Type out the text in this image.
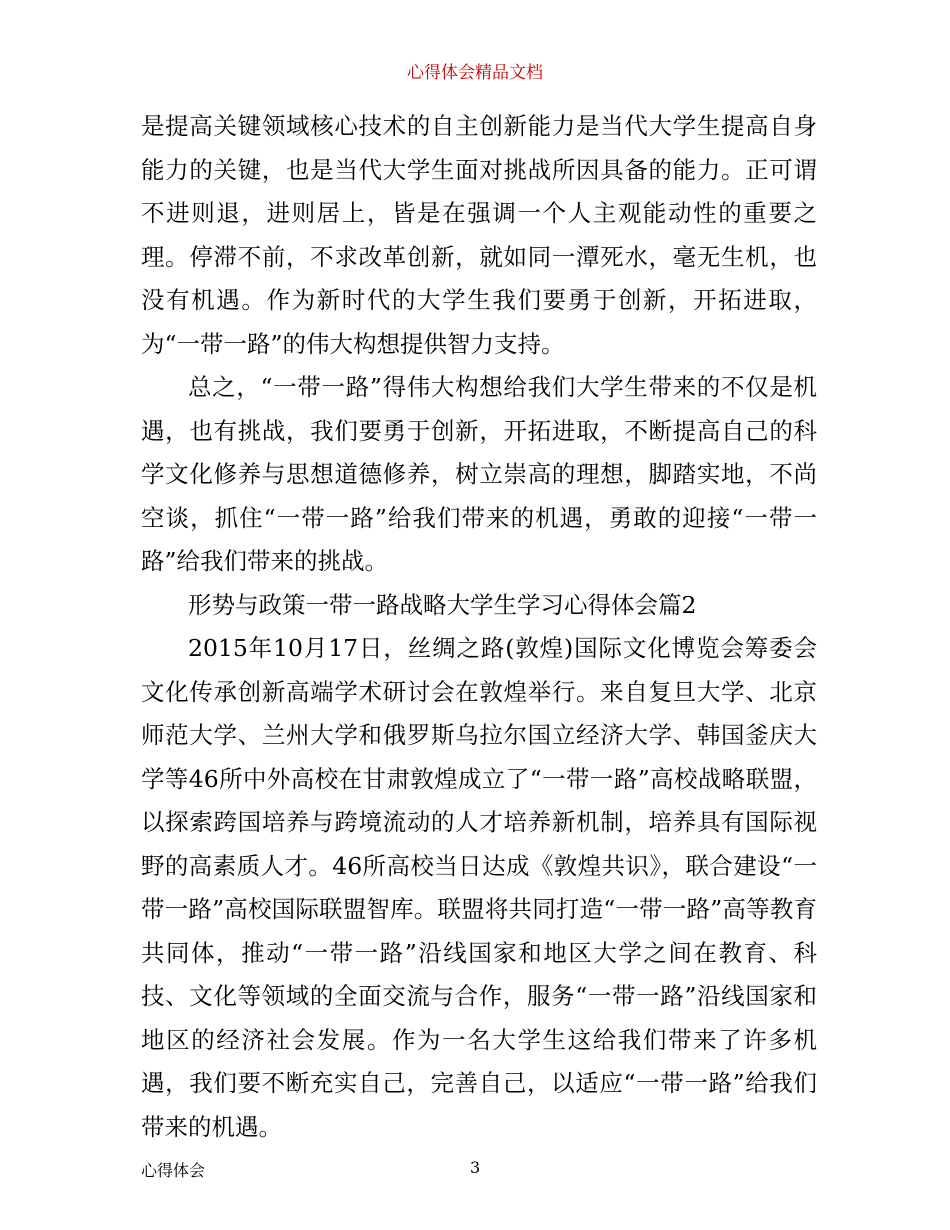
心得体会精品文档

是提高关键领域核心技术的自主创新能力是当代大学生提高自身能力的关键，也是当代大学生面对挑战所因具备的能力。正可谓不进则退，进则居上，皆是在强调一个人主观能动性的重要之理。停滞不前，不求改革创新，就如同一潭死水，毫无生机，也没有机遇。作为新时代的大学生我们要勇于创新，开拓进取，为“一带一路”的伟大构想提供智力支持。

总之，“一带一路”得伟大构想给我们大学生带来的不仅是机遇，也有挑战，我们要勇于创新，开拓进取，不断提高自己的科学文化修养与思想道德修养，树立崇高的理想，脚踏实地，不尚空谈，抓住“一带一路”给我们带来的机遇，勇敢的迎接“一带一路”给我们带来的挑战。

形势与政策一带一路战略大学生学习心得体会篇2

2015年10月17日，丝绸之路(敦煌)国际文化博览会筹委会文化传承创新高端学术研讨会在敦煌举行。来自复旦大学、北京师范大学、兰州大学和俄罗斯乌拉尔国立经济大学、韩国釜庆大学等46所中外高校在甘肃敦煌成立了“一带一路”高校战略联盟，以探索跨国培养与跨境流动的人才培养新机制，培养具有国际视野的高素质人才。46所高校当日达成《敦煌共识》，联合建设“一带一路”高校国际联盟智库。联盟将共同打造“一带一路”高等教育共同体，推动“一带一路”沿线国家和地区大学之间在教育、科技、文化等领域的全面交流与合作，服务“一带一路”沿线国家和地区的经济社会发展。作为一名大学生这给我们带来了许多机遇，我们要不断充实自己，完善自己，以适应“一带一路”给我们带来的机遇。

心得体会	3
